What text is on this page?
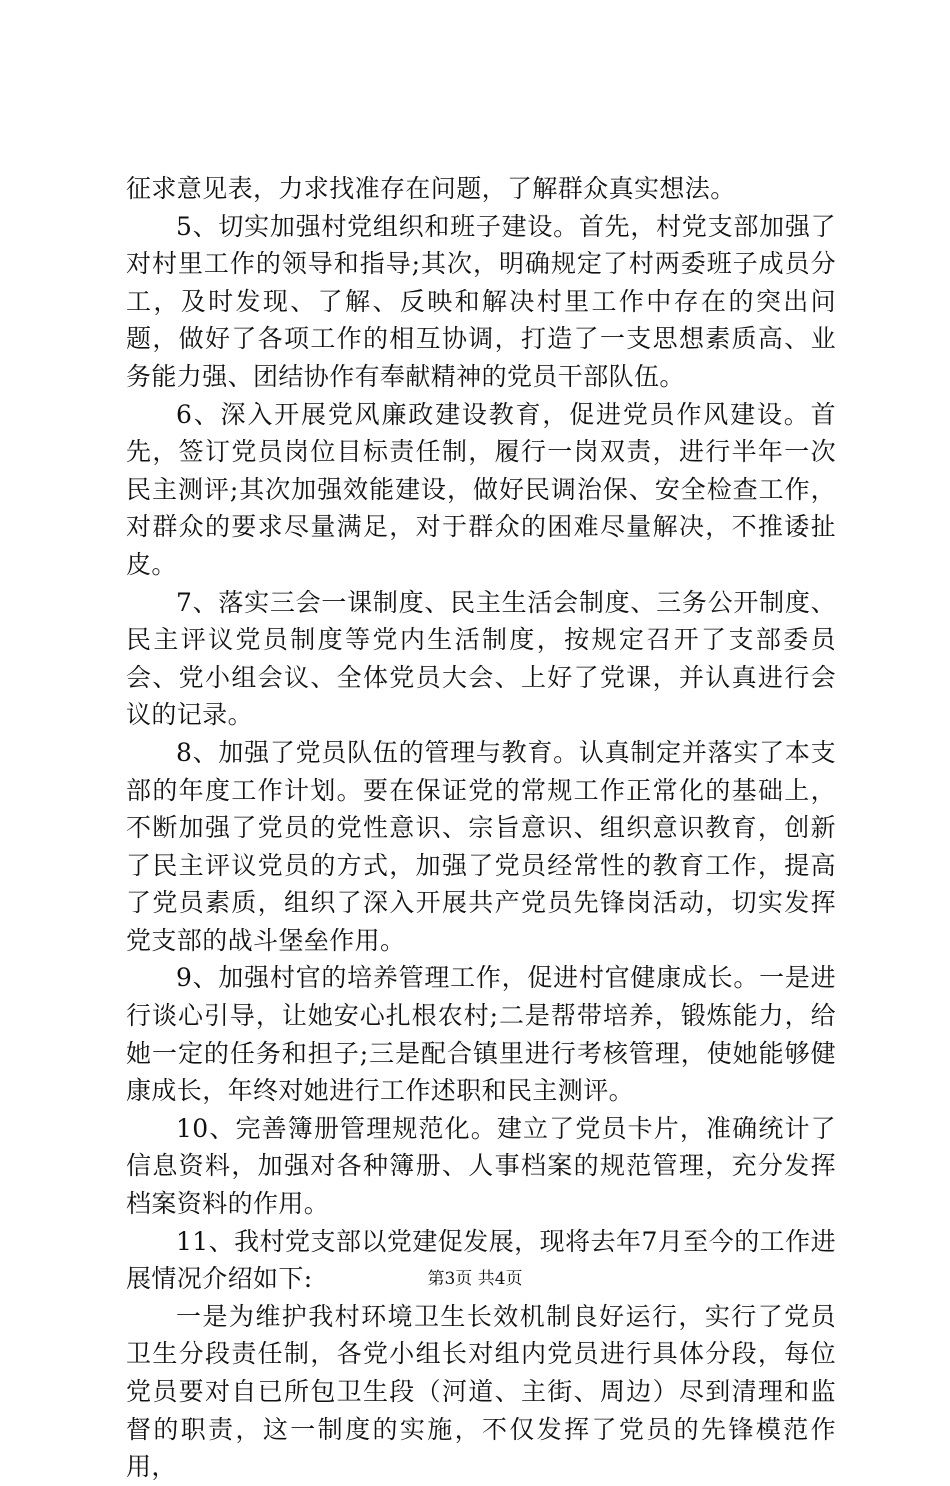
征求意见表，力求找准存在问题，了解群众真实想法。

5、切实加强村党组织和班子建设。首先，村党支部加强了对村里工作的领导和指导;其次，明确规定了村两委班子成员分工，及时发现、了解、反映和解决村里工作中存在的突出问题，做好了各项工作的相互协调，打造了一支思想素质高、业务能力强、团结协作有奉献精神的党员干部队伍。

6、深入开展党风廉政建设教育，促进党员作风建设。首先，签订党员岗位目标责任制，履行一岗双责，进行半年一次民主测评;其次加强效能建设，做好民调治保、安全检查工作，对群众的要求尽量满足，对于群众的困难尽量解决，不推诿扯皮。

7、落实三会一课制度、民主生活会制度、三务公开制度、民主评议党员制度等党内生活制度，按规定召开了支部委员会、党小组会议、全体党员大会、上好了党课，并认真进行会议的记录。

8、加强了党员队伍的管理与教育。认真制定并落实了本支部的年度工作计划。要在保证党的常规工作正常化的基础上，不断加强了党员的党性意识、宗旨意识、组织意识教育，创新了民主评议党员的方式，加强了党员经常性的教育工作，提高了党员素质，组织了深入开展共产党员先锋岗活动，切实发挥党支部的战斗堡垒作用。

9、加强村官的培养管理工作，促进村官健康成长。一是进行谈心引导，让她安心扎根农村;二是帮带培养，锻炼能力，给她一定的任务和担子;三是配合镇里进行考核管理，使她能够健康成长，年终对她进行工作述职和民主测评。

10、完善簿册管理规范化。建立了党员卡片，准确统计了信息资料，加强对各种簿册、人事档案的规范管理，充分发挥档案资料的作用。

11、我村党支部以党建促发展，现将去年7月至今的工作进展情况介绍如下:

一是为维护我村环境卫生长效机制良好运行，实行了党员卫生分段责任制，各党小组长对组内党员进行具体分段，每位党员要对自已所包卫生段（河道、主街、周边）尽到清理和监督的职责，这一制度的实施，不仅发挥了党员的先锋模范作用，

第3页 共4页
